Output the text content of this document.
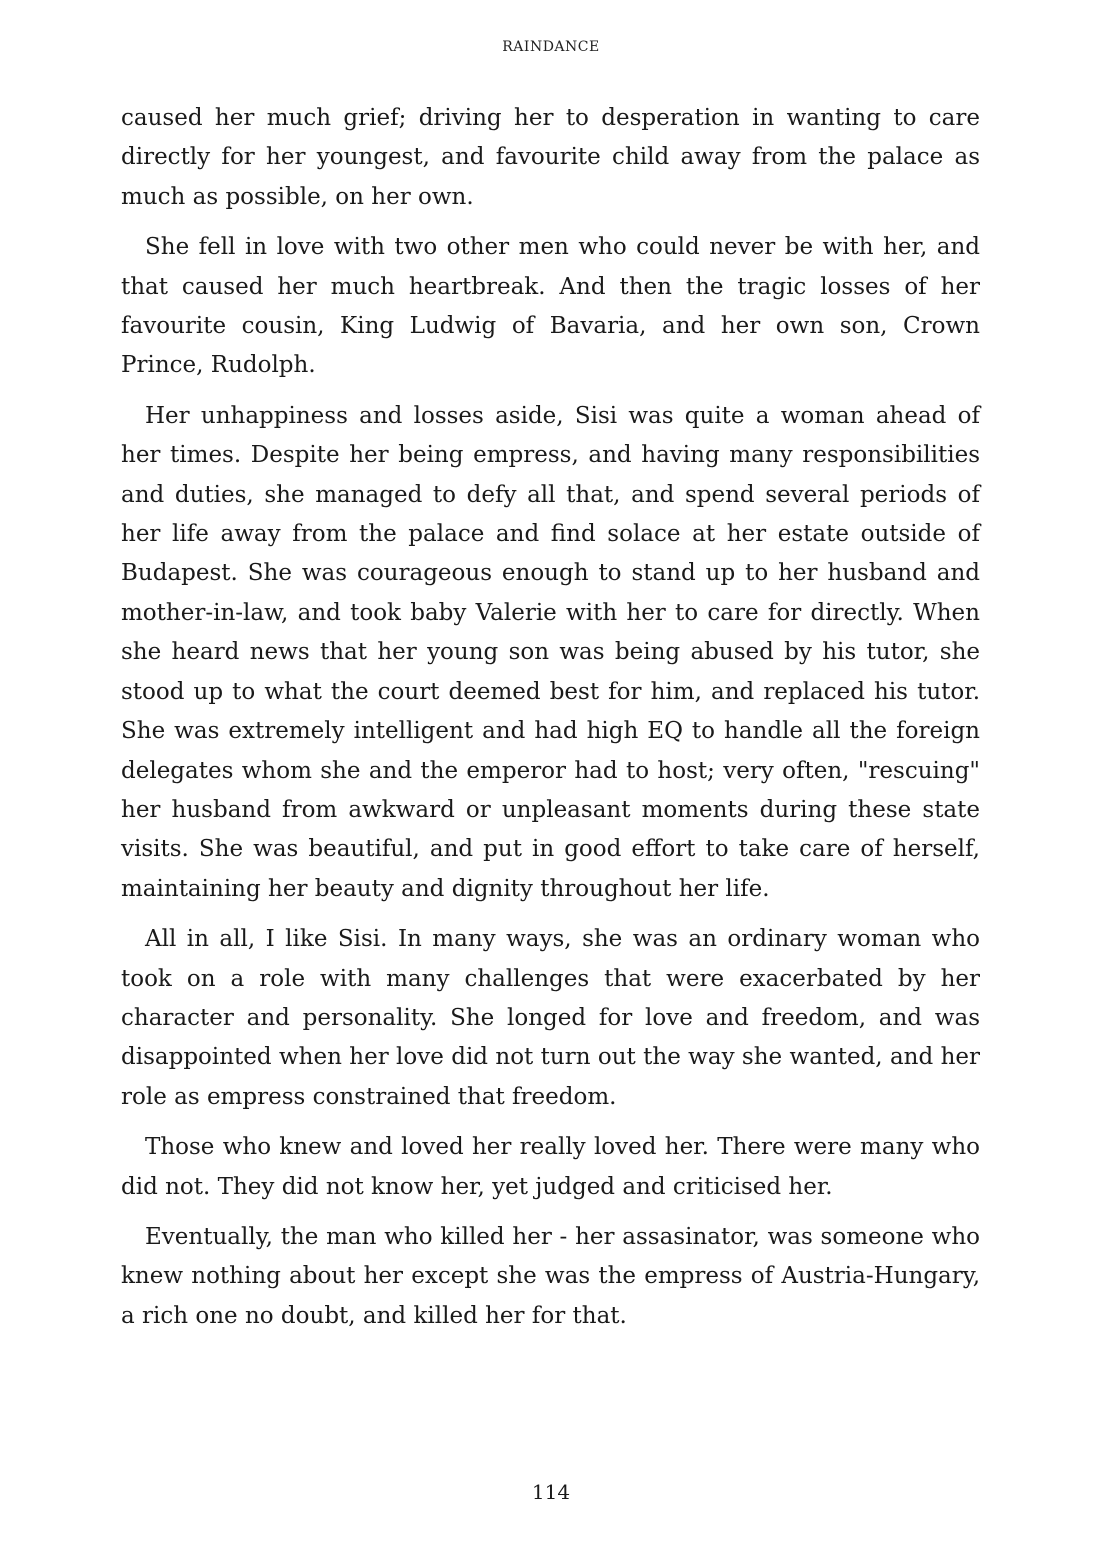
RAINDANCE

caused her much grief; driving her to desperation in wanting to care directly for her youngest, and favourite child away from the palace as much as possible, on her own.

She fell in love with two other men who could never be with her, and that caused her much heartbreak. And then the tragic losses of her favourite cousin, King Ludwig of Bavaria, and her own son, Crown Prince, Rudolph.

Her unhappiness and losses aside, Sisi was quite a woman ahead of her times. Despite her being empress, and having many responsibilities and duties, she managed to defy all that, and spend several periods of her life away from the palace and find solace at her estate outside of Budapest. She was courageous enough to stand up to her husband and mother-in-law, and took baby Valerie with her to care for directly. When she heard news that her young son was being abused by his tutor, she stood up to what the court deemed best for him, and replaced his tutor. She was extremely intelligent and had high EQ to handle all the foreign delegates whom she and the emperor had to host; very often, "rescuing" her husband from awkward or unpleasant moments during these state visits. She was beautiful, and put in good effort to take care of herself, maintaining her beauty and dignity throughout her life.

All in all, I like Sisi. In many ways, she was an ordinary woman who took on a role with many challenges that were exacerbated by her character and personality. She longed for love and freedom, and was disappointed when her love did not turn out the way she wanted, and her role as empress constrained that freedom.

Those who knew and loved her really loved her. There were many who did not. They did not know her, yet judged and criticised her.

Eventually, the man who killed her - her assasinator, was someone who knew nothing about her except she was the empress of Austria-Hungary, a rich one no doubt, and killed her for that.

114
